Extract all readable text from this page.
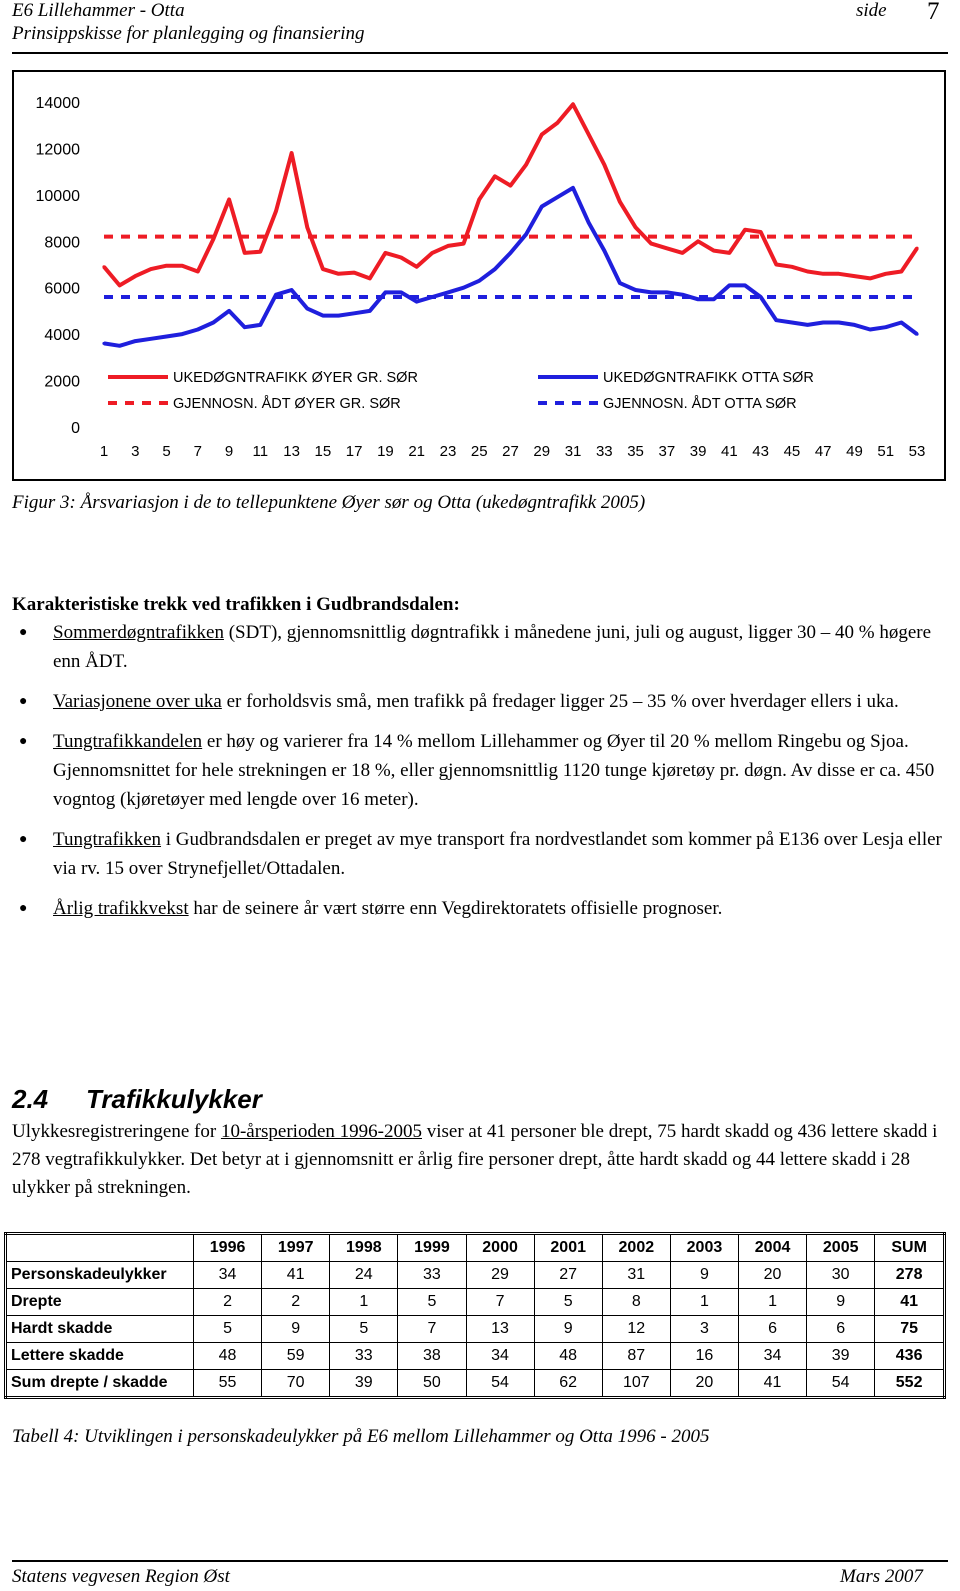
E6 Lillehammer - Otta
Prinsippskisse for planlegging og finansiering
side 7
14000
12000
10000
8000
6000
4000
2000
0
1 3 5 7 9 11 13 15 17 19 21 23 25 27 29 31 33 35 37 39 41 43 45 47 49 51 53
UKEDØGNTRAFIKK ØYER GR. SØR
GJENNOSN. ÅDT ØYER GR. SØR
UKEDØGNTRAFIKK OTTA SØR
GJENNOSN. ÅDT OTTA SØR
Figur 3: Årsvariasjon i de to tellepunktene Øyer sør og Otta (ukedøgntrafikk 2005)
Karakteristiske trekk ved trafikken i Gudbrandsdalen:
● Sommerdøgntrafikken (SDT), gjennomsnittlig døgntrafikk i månedene juni, juli og august, ligger 30 – 40 % høgere enn ÅDT.
● Variasjonene over uka er forholdsvis små, men trafikk på fredager ligger 25 – 35 % over hverdager ellers i uka.
● Tungtrafikkandelen er høy og varierer fra 14 % mellom Lillehammer og Øyer til 20 % mellom Ringebu og Sjoa. Gjennomsnittet for hele strekningen er 18 %, eller gjennomsnittlig 1120 tunge kjøretøy pr. døgn. Av disse er ca. 450 vogntog (kjøretøyer med lengde over 16 meter).
● Tungtrafikken i Gudbrandsdalen er preget av mye transport fra nordvestlandet som kommer på E136 over Lesja eller via rv. 15 over Strynefjellet/Ottadalen.
● Årlig trafikkvekst har de seinere år vært større enn Vegdirektoratets offisielle prognoser.
2.4 Trafikkulykker
Ulykkesregistreringene for 10-årsperioden 1996-2005 viser at 41 personer ble drept, 75 hardt skadd og 436 lettere skadd i 278 vegtrafikkulykker. Det betyr at i gjennomsnitt er årlig fire personer drept, åtte hardt skadd og 44 lettere skadd i 28 ulykker på strekningen.
	1996	1997	1998	1999	2000	2001	2002	2003	2004	2005	SUM
Personskadeulykker	34	41	24	33	29	27	31	9	20	30	278
Drepte	2	2	1	5	7	5	8	1	1	9	41
Hardt skadde	5	9	5	7	13	9	12	3	6	6	75
Lettere skadde	48	59	33	38	34	48	87	16	34	39	436
Sum drepte / skadde	55	70	39	50	54	62	107	20	41	54	552
Tabell 4: Utviklingen i personskadeulykker på E6 mellom Lillehammer og Otta 1996 - 2005
Statens vegvesen Region Øst	Mars 2007
